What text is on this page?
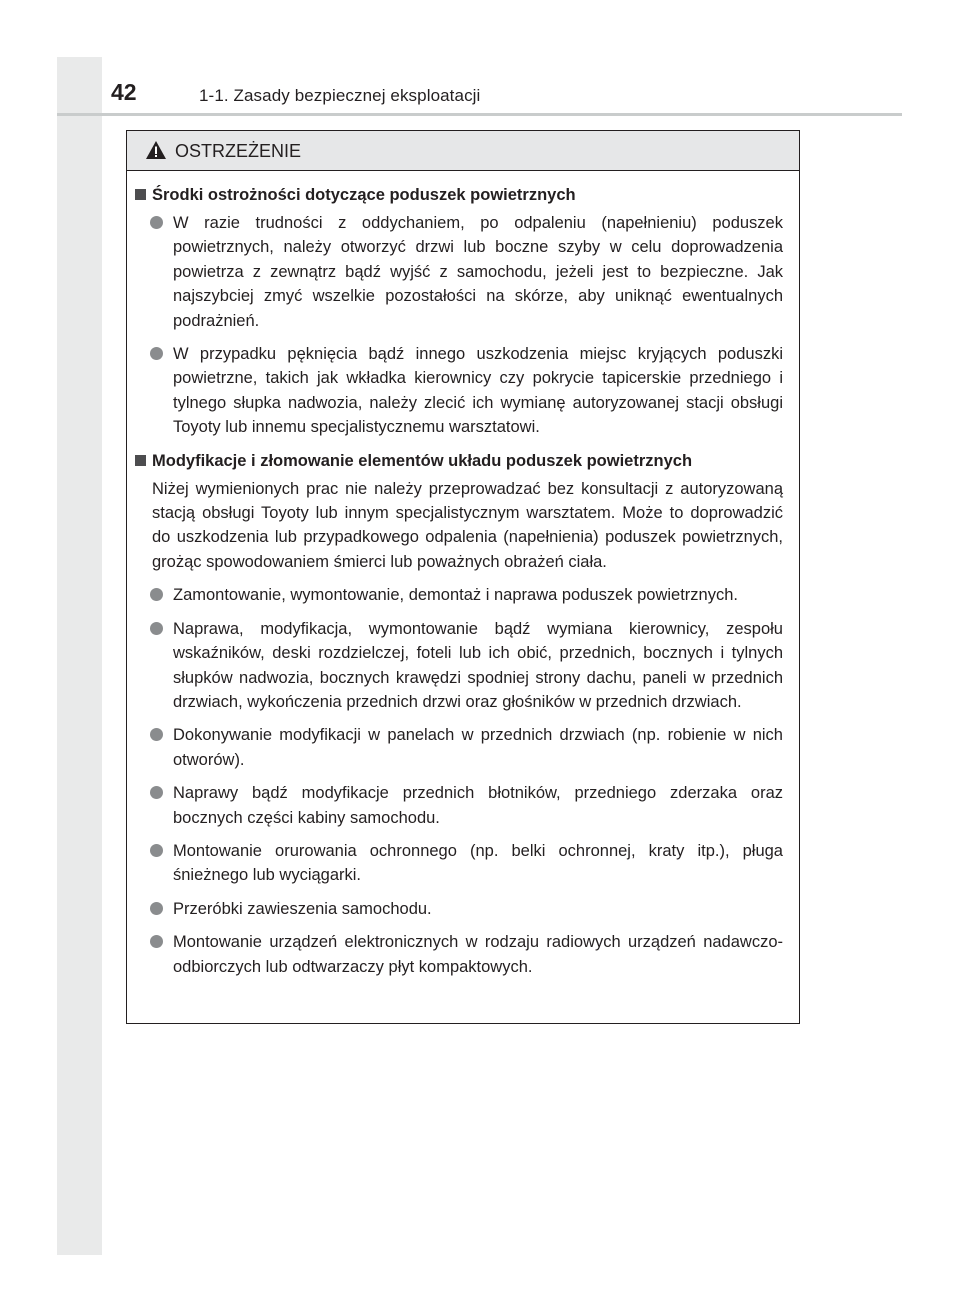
42	1-1. Zasady bezpiecznej eksploatacji
OSTRZEŻENIE
Środki ostrożności dotyczące poduszek powietrznych
W razie trudności z oddychaniem, po odpaleniu (napełnieniu) poduszek powietrznych, należy otworzyć drzwi lub boczne szyby w celu doprowadzenia powietrza z zewnątrz bądź wyjść z samochodu, jeżeli jest to bezpieczne. Jak najszybciej zmyć wszelkie pozostałości na skórze, aby uniknąć ewentualnych podrażnień.
W przypadku pęknięcia bądź innego uszkodzenia miejsc kryjących poduszki powietrzne, takich jak wkładka kierownicy czy pokrycie tapicerskie przedniego i tylnego słupka nadwozia, należy zlecić ich wymianę autoryzowanej stacji obsługi Toyoty lub innemu specjalistycznemu warsztatowi.
Modyfikacje i złomowanie elementów układu poduszek powietrznych
Niżej wymienionych prac nie należy przeprowadzać bez konsultacji z autoryzowaną stacją obsługi Toyoty lub innym specjalistycznym warsztatem. Może to doprowadzić do uszkodzenia lub przypadkowego odpalenia (napełnienia) poduszek powietrznych, grożąc spowodowaniem śmierci lub poważnych obrażeń ciała.
Zamontowanie, wymontowanie, demontaż i naprawa poduszek powietrznych.
Naprawa, modyfikacja, wymontowanie bądź wymiana kierownicy, zespołu wskaźników, deski rozdzielczej, foteli lub ich obić, przednich, bocznych i tylnych słupków nadwozia, bocznych krawędzi spodniej strony dachu, paneli w przednich drzwiach, wykończenia przednich drzwi oraz głośników w przednich drzwiach.
Dokonywanie modyfikacji w panelach w przednich drzwiach (np. robienie w nich otworów).
Naprawy bądź modyfikacje przednich błotników, przedniego zderzaka oraz bocznych części kabiny samochodu.
Montowanie orurowania ochronnego (np. belki ochronnej, kraty itp.), pługa śnieżnego lub wyciągarki.
Przeróbki zawieszenia samochodu.
Montowanie urządzeń elektronicznych w rodzaju radiowych urządzeń nadawczo-odbiorczych lub odtwarzaczy płyt kompaktowych.
